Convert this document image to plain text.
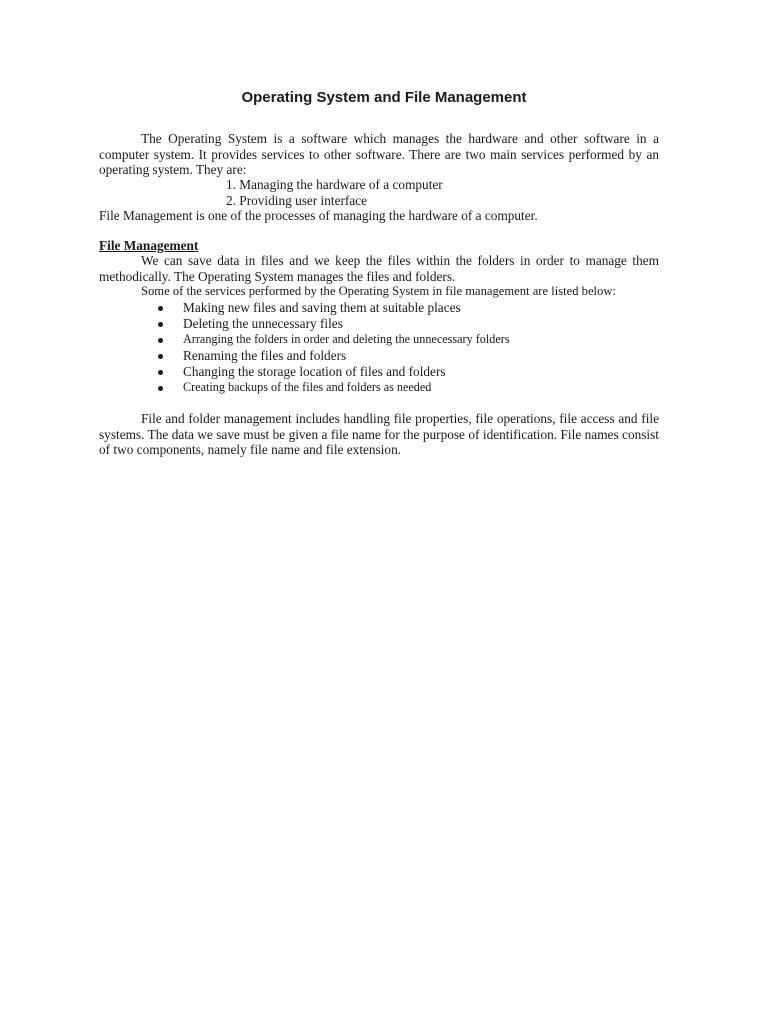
Operating System and File Management

The Operating System is a software which manages the hardware and other software in a computer system. It provides services to other software. There are two main services performed by an operating system. They are:

1. Managing the hardware of a computer
2. Providing user interface

File Management is one of the processes of managing the hardware of a computer.

File Management

We can save data in files and we keep the files within the folders in order to manage them methodically. The Operating System manages the files and folders.

Some of the services performed by the Operating System in file management are listed below:

Making new files and saving them at suitable places
Deleting the unnecessary files
Arranging the folders in order and deleting the unnecessary folders
Renaming the files and folders
Changing the storage location of files and folders
Creating backups of the files and folders as needed

File and folder management includes handling file properties, file operations, file access and file systems. The data we save must be given a file name for the purpose of identification. File names consist of two components, namely file name and file extension.
